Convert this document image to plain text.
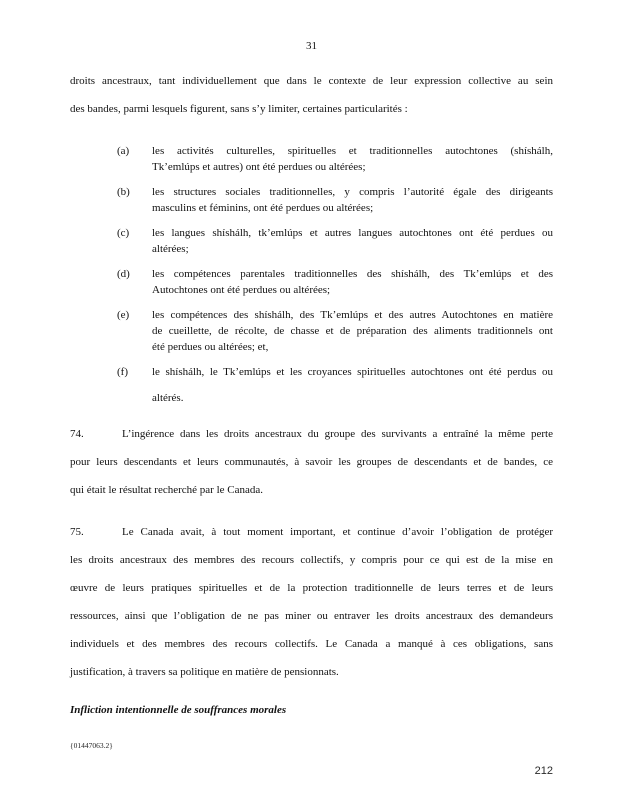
31
droits ancestraux, tant individuellement que dans le contexte de leur expression collective au sein
des bandes, parmi lesquels figurent, sans s’y limiter, certaines particularités :
(a) les activités culturelles, spirituelles et traditionnelles autochtones (shíshálh,
Tk’emlúps et autres) ont été perdues ou altérées;
(b) les structures sociales traditionnelles, y compris l’autorité égale des dirigeants
masculins et féminins, ont été perdues ou altérées;
(c) les langues shíshálh, tk’emlúps et autres langues autochtones ont été perdues ou
altérées;
(d) les compétences parentales traditionnelles des shíshálh, des Tk’emlúps et des
Autochtones ont été perdues ou altérées;
(e) les compétences des shíshálh, des Tk’emlúps et des autres Autochtones en matière
de cueillette, de récolte, de chasse et de préparation des aliments traditionnels ont
été perdues ou altérées; et,
(f) le shíshálh, le Tk’emlúps et les croyances spirituelles autochtones ont été perdus ou
altérés.
74.	L’ingérence dans les droits ancestraux du groupe des survivants a entraîné la même perte
pour leurs descendants et leurs communautés, à savoir les groupes de descendants et de bandes, ce
qui était le résultat recherché par le Canada.
75.	Le Canada avait, à tout moment important, et continue d’avoir l’obligation de protéger
les droits ancestraux des membres des recours collectifs, y compris pour ce qui est de la mise en
œuvre de leurs pratiques spirituelles et de la protection traditionnelle de leurs terres et de leurs
ressources, ainsi que l’obligation de ne pas miner ou entraver les droits ancestraux des demandeurs
individuels et des membres des recours collectifs. Le Canada a manqué à ces obligations, sans
justification, à travers sa politique en matière de pensionnats.
Infliction intentionnelle de souffrances morales
{01447063.2}
212
